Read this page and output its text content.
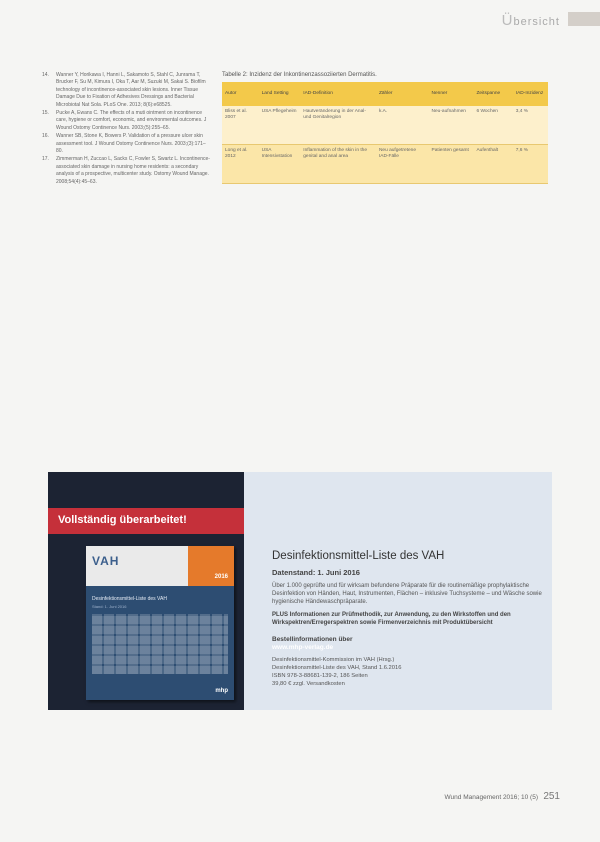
Übersicht
14. Wanner Y, Horikawa I, Hanni L, Sakamoto S, Stahl C, Junrama T, Brucker F, Su M, Kimura I, Oka T, Aar M, Suzuki M, Sakai S. Biofilm technology of incontinence-associated skin lesions. Inner Tissue Damage Due to Fixation of Adhesives Dressings and Bacterial Microbiotal Nat Sola. PLoS One. 2013; 8(6):e68525.
15. Pucke A, Ewans C. The effects of a muti ointment on incontinence care, hygiene or comfort, economic, and environmental outcomes. J Wound Ostomy Continence Nurs. 2003;(5):255–65.
16. Wanner SB, Stone K, Bowers P. Validation of a pressure ulcer skin assessment tool. J Wound Ostomy Continence Nurs. 2003;(3):171–80.
17. Zimmerman H, Zuccao L, Sacks C, Fowler S, Swartz L. Incontinence-associated skin damage in nursing home residents: a secondary analysis of a prospective, multicenter study. Ostomy Wound Manage. 2008;54(4):45–63.
Tabelle 2: Inzidenz der Inkontinenzassoziierten Dermatitis.
Autor	Land Setting	IAD-Definition	Zähler	Nenner	Zeitspanne	IAD-Inzidenz
Bliss et al. 2007	USA Pflegeheim	Hautveränderung in der Anal- und Genitalregion	k.A.	Neu-aufnahmen	6 Wochen	3,4 %
Long et al. 2012	USA Intensivstation	Inflammation of the skin in the genital and anal area	Neu aufgetretene IAD-Fälle	Patienten gesamt	Aufenthalt	7,6 %
Vollständig überarbeitet!
VAH
2016
Desinfektionsmittel-Liste des VAH
Stand: 1. Juni 2016
mhp
Desinfektionsmittel-Liste des VAH
Datenstand: 1. Juni 2016
Über 1.000 geprüfte und für wirksam befundene Präparate für die routinemäßige prophylaktische Desinfektion von Händen, Haut, Instrumenten, Flächen – inklusive Tuchsysteme – und Wäsche sowie hygienische Händewaschpräparate.
PLUS Informationen zur Prüfmethodik, zur Anwendung, zu den Wirkstoffen und den Wirkspektren/Erregerspektren sowie Firmenverzeichnis mit Produktübersicht
Bestellinformationen über
www.mhp-verlag.de
Desinfektionsmittel-Kommission im VAH (Hrsg.)
Desinfektionsmittel-Liste des VAH, Stand 1.6.2016
ISBN 978-3-88681-139-2, 186 Seiten
39,80 € zzgl. Versandkosten
Wund Management 2016; 10 (5) 251
